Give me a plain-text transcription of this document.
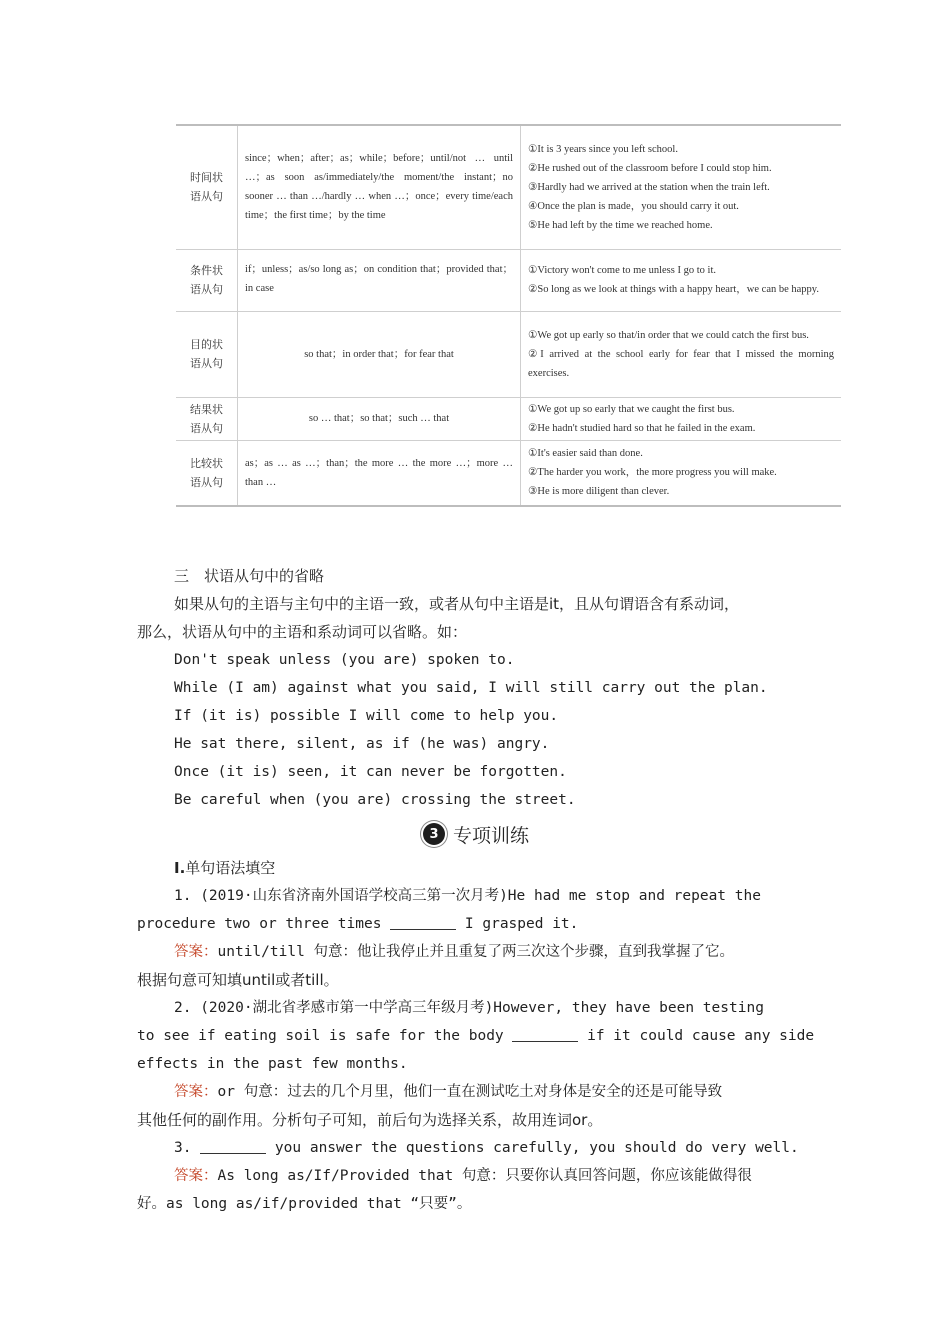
时间状
语从句	since；when；after；as；while；before；until/not … until …；as soon as/immediately/the moment/the instant；no sooner … than …/hardly … when …；once；every time/each time；the first time；by the time	①It is 3 years since you left school.
②He rushed out of the classroom before I could stop him.
③Hardly had we arrived at the station when the train left.
④Once the plan is made，you should carry it out.
⑤He had left by the time we reached home.

条件状
语从句	if；unless；as/so long as；on condition that；provided that；in case	①Victory won't come to me unless I go to it.
②So long as we look at things with a happy heart，we can be happy.

目的状
语从句	so that；in order that；for fear that	①We got up early so that/in order that we could catch the first bus.
②I arrived at the school early for fear that I missed the morning exercises.

结果状
语从句	so … that；so that；such … that	①We got up so early that we caught the first bus.
②He hadn't studied hard so that he failed in the exam.

比较状
语从句	as；as … as …；than；the more … the more …；more … than …	①It's easier said than done.
②The harder you work，the more progress you will make.
③He is more diligent than clever.
三　状语从句中的省略
如果从句的主语与主句中的主语一致，或者从句中主语是it，且从句谓语含有系动词，
那么，状语从句中的主语和系动词可以省略。如：
Don't speak unless (you are) spoken to.
While (I am) against what you said, I will still carry out the plan.
If (it is) possible I will come to help you.
He sat there, silent, as if (he was) angry.
Once (it is) seen, it can never be forgotten.
Be careful when (you are) crossing the street.
3 专项训练
Ⅰ.单句语法填空
1. (2019·山东省济南外国语学校高三第一次月考)He had me stop and repeat the
procedure two or three times	I grasped it.
答案：until/till 句意：他让我停止并且重复了两三次这个步骤，直到我掌握了它。
根据句意可知填until或者till。
2. (2020·湖北省孝感市第一中学高三年级月考)However, they have been testing
to see if eating soil is safe for the body	if it could cause any side
effects in the past few months.
答案：or 句意：过去的几个月里，他们一直在测试吃土对身体是安全的还是可能导致
其他任何的副作用。分析句子可知，前后句为选择关系，故用连词or。
3.	you answer the questions carefully, you should do very well.
答案：As long as/If/Provided that 句意：只要你认真回答问题，你应该能做得很
好。as long as/if/provided that “只要”。
